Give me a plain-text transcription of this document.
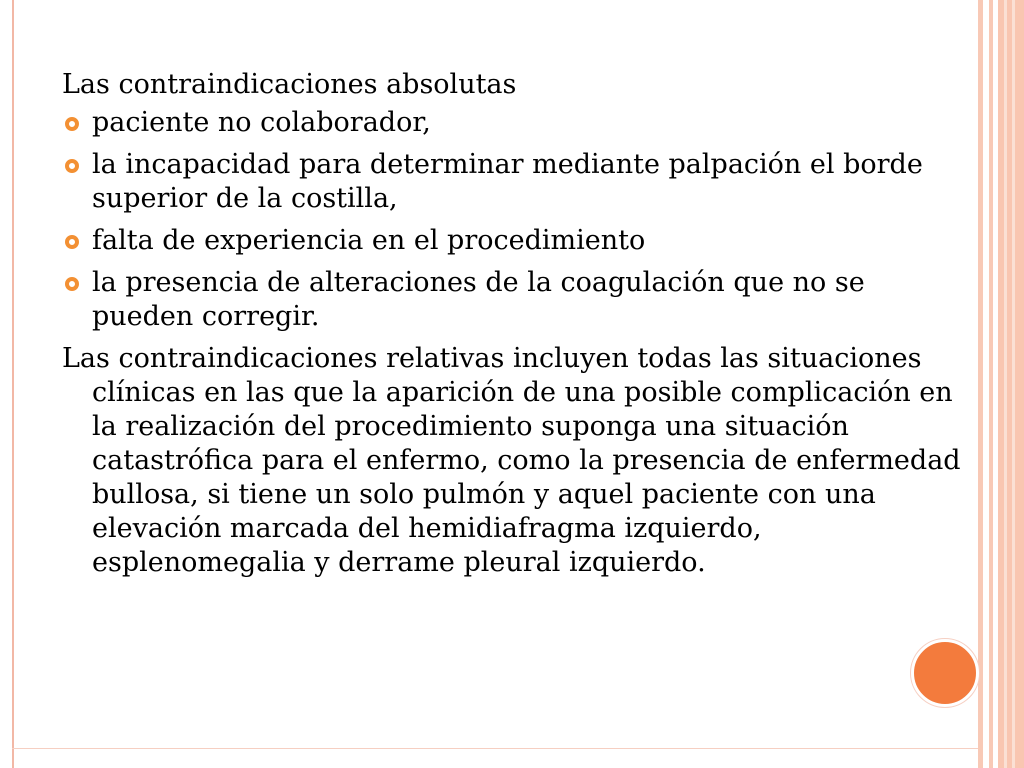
Las contraindicaciones absolutas

paciente no colaborador,
la incapacidad para determinar mediante palpación el borde superior de la costilla,
falta de experiencia en el procedimiento
la presencia de alteraciones de la coagulación que no se pueden corregir.

Las contraindicaciones relativas incluyen todas las situaciones clínicas en las que la aparición de una posible complicación en la realización del procedimiento suponga una situación catastrófica para el enfermo, como la presencia de enfermedad bullosa, si tiene un solo pulmón y aquel paciente con una elevación marcada del hemidiafragma izquierdo, esplenomegalia y derrame pleural izquierdo.
